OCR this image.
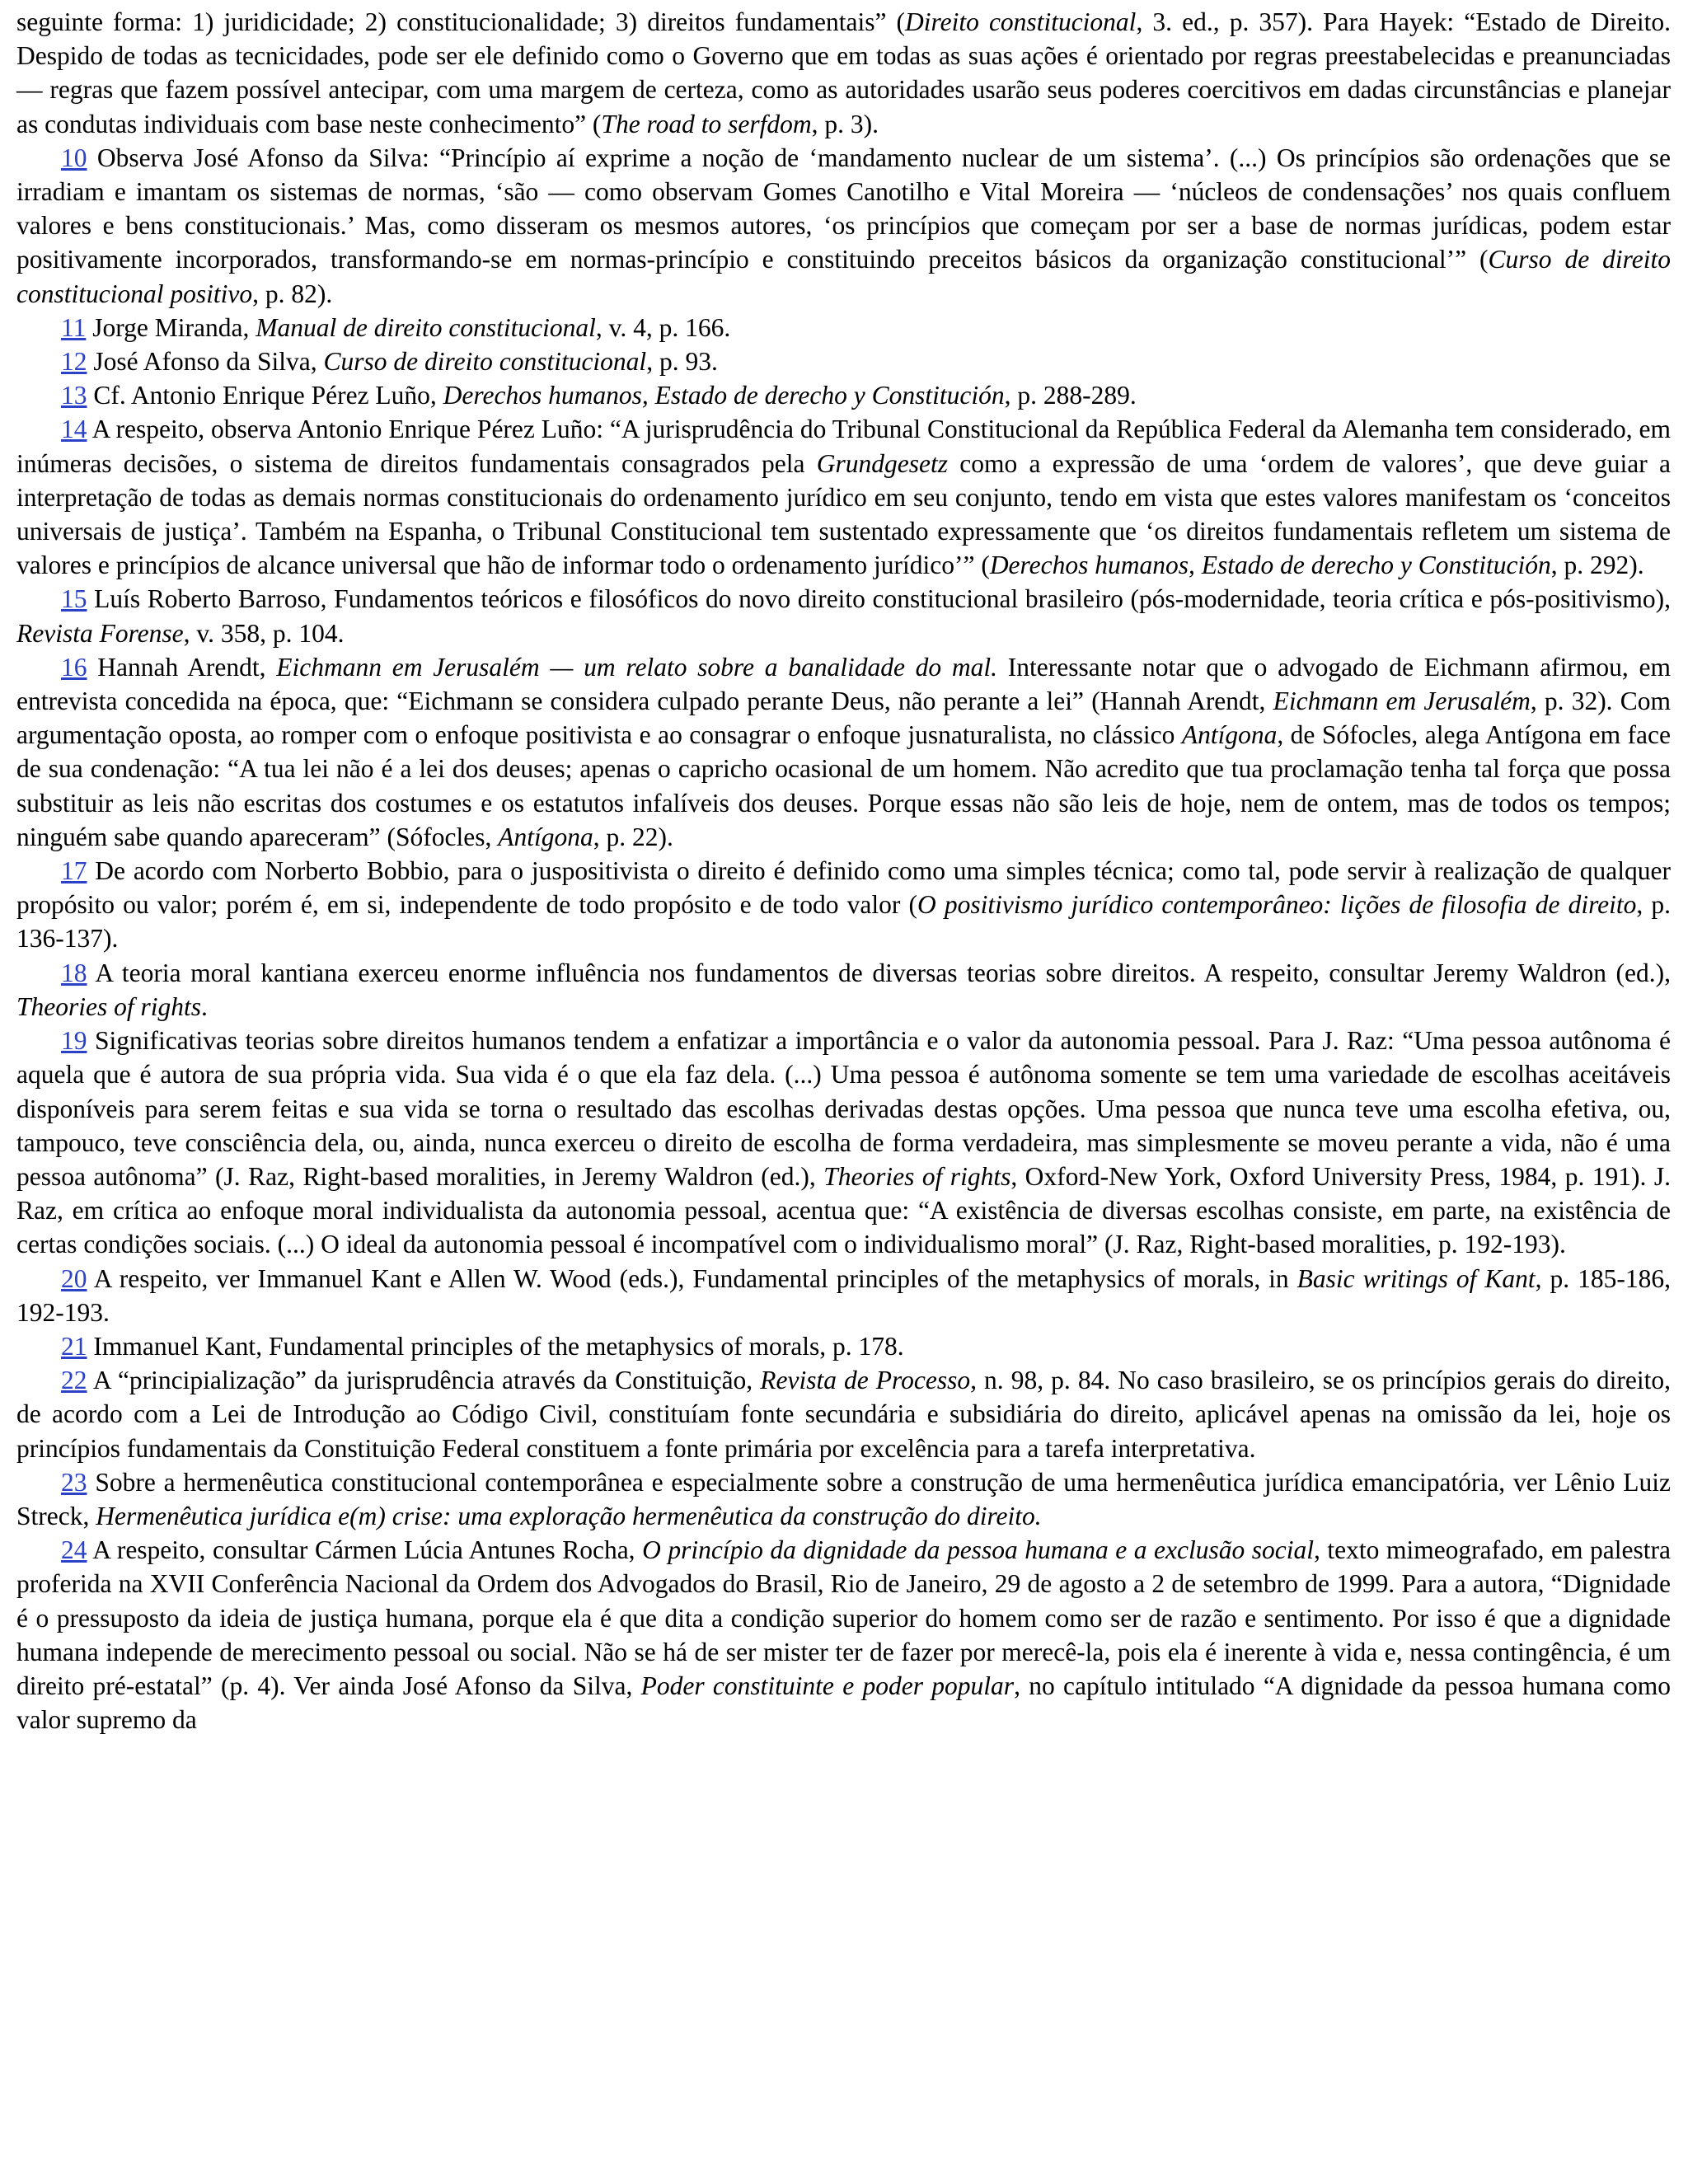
seguinte forma: 1) juridicidade; 2) constitucionalidade; 3) direitos fundamentais” (Direito constitucional, 3. ed., p. 357). Para Hayek: “Estado de Direito. Despido de todas as tecnicidades, pode ser ele definido como o Governo que em todas as suas ações é orientado por regras preestabelecidas e preanunciadas — regras que fazem possível antecipar, com uma margem de certeza, como as autoridades usarão seus poderes coercitivos em dadas circunstâncias e planejar as condutas individuais com base neste conhecimento” (The road to serfdom, p. 3).

10 Observa José Afonso da Silva: “Princípio aí exprime a noção de ‘mandamento nuclear de um sistema’. (...) Os princípios são ordenações que se irradiam e imantam os sistemas de normas, ‘são — como observam Gomes Canotilho e Vital Moreira — ‘núcleos de condensações’ nos quais confluem valores e bens constitucionais.’ Mas, como disseram os mesmos autores, ‘os princípios que começam por ser a base de normas jurídicas, podem estar positivamente incorporados, transformando-se em normas-princípio e constituindo preceitos básicos da organização constitucional’” (Curso de direito constitucional positivo, p. 82).

11 Jorge Miranda, Manual de direito constitucional, v. 4, p. 166.

12 José Afonso da Silva, Curso de direito constitucional, p. 93.

13 Cf. Antonio Enrique Pérez Luño, Derechos humanos, Estado de derecho y Constitución, p. 288-289.

14 A respeito, observa Antonio Enrique Pérez Luño: “A jurisprudência do Tribunal Constitucional da República Federal da Alemanha tem considerado, em inúmeras decisões, o sistema de direitos fundamentais consagrados pela Grundgesetz como a expressão de uma ‘ordem de valores’, que deve guiar a interpretação de todas as demais normas constitucionais do ordenamento jurídico em seu conjunto, tendo em vista que estes valores manifestam os ‘conceitos universais de justiça’. Também na Espanha, o Tribunal Constitucional tem sustentado expressamente que ‘os direitos fundamentais refletem um sistema de valores e princípios de alcance universal que hão de informar todo o ordenamento jurídico’” (Derechos humanos, Estado de derecho y Constitución, p. 292).

15 Luís Roberto Barroso, Fundamentos teóricos e filosóficos do novo direito constitucional brasileiro (pós-modernidade, teoria crítica e pós-positivismo), Revista Forense, v. 358, p. 104.

16 Hannah Arendt, Eichmann em Jerusalém — um relato sobre a banalidade do mal. Interessante notar que o advogado de Eichmann afirmou, em entrevista concedida na época, que: “Eichmann se considera culpado perante Deus, não perante a lei” (Hannah Arendt, Eichmann em Jerusalém, p. 32). Com argumentação oposta, ao romper com o enfoque positivista e ao consagrar o enfoque jusnaturalista, no clássico Antígona, de Sófocles, alega Antígona em face de sua condenação: “A tua lei não é a lei dos deuses; apenas o capricho ocasional de um homem. Não acredito que tua proclamação tenha tal força que possa substituir as leis não escritas dos costumes e os estatutos infalíveis dos deuses. Porque essas não são leis de hoje, nem de ontem, mas de todos os tempos; ninguém sabe quando apareceram” (Sófocles, Antígona, p. 22).

17 De acordo com Norberto Bobbio, para o juspositivista o direito é definido como uma simples técnica; como tal, pode servir à realização de qualquer propósito ou valor; porém é, em si, independente de todo propósito e de todo valor (O positivismo jurídico contemporâneo: lições de filosofia de direito, p. 136-137).

18 A teoria moral kantiana exerceu enorme influência nos fundamentos de diversas teorias sobre direitos. A respeito, consultar Jeremy Waldron (ed.), Theories of rights.

19 Significativas teorias sobre direitos humanos tendem a enfatizar a importância e o valor da autonomia pessoal. Para J. Raz: “Uma pessoa autônoma é aquela que é autora de sua própria vida. Sua vida é o que ela faz dela. (...) Uma pessoa é autônoma somente se tem uma variedade de escolhas aceitáveis disponíveis para serem feitas e sua vida se torna o resultado das escolhas derivadas destas opções. Uma pessoa que nunca teve uma escolha efetiva, ou, tampouco, teve consciência dela, ou, ainda, nunca exerceu o direito de escolha de forma verdadeira, mas simplesmente se moveu perante a vida, não é uma pessoa autônoma” (J. Raz, Right-based moralities, in Jeremy Waldron (ed.), Theories of rights, Oxford-New York, Oxford University Press, 1984, p. 191). J. Raz, em crítica ao enfoque moral individualista da autonomia pessoal, acentua que: “A existência de diversas escolhas consiste, em parte, na existência de certas condições sociais. (...) O ideal da autonomia pessoal é incompatível com o individualismo moral” (J. Raz, Right-based moralities, p. 192-193).

20 A respeito, ver Immanuel Kant e Allen W. Wood (eds.), Fundamental principles of the metaphysics of morals, in Basic writings of Kant, p. 185-186, 192-193.

21 Immanuel Kant, Fundamental principles of the metaphysics of morals, p. 178.

22 A “principialização” da jurisprudência através da Constituição, Revista de Processo, n. 98, p. 84. No caso brasileiro, se os princípios gerais do direito, de acordo com a Lei de Introdução ao Código Civil, constituíam fonte secundária e subsidiária do direito, aplicável apenas na omissão da lei, hoje os princípios fundamentais da Constituição Federal constituem a fonte primária por excelência para a tarefa interpretativa.

23 Sobre a hermenêutica constitucional contemporânea e especialmente sobre a construção de uma hermenêutica jurídica emancipatória, ver Lênio Luiz Streck, Hermenêutica jurídica e(m) crise: uma exploração hermenêutica da construção do direito.

24 A respeito, consultar Cármen Lúcia Antunes Rocha, O princípio da dignidade da pessoa humana e a exclusão social, texto mimeografado, em palestra proferida na XVII Conferência Nacional da Ordem dos Advogados do Brasil, Rio de Janeiro, 29 de agosto a 2 de setembro de 1999. Para a autora, “Dignidade é o pressuposto da ideia de justiça humana, porque ela é que dita a condição superior do homem como ser de razão e sentimento. Por isso é que a dignidade humana independe de merecimento pessoal ou social. Não se há de ser mister ter de fazer por merecê-la, pois ela é inerente à vida e, nessa contingência, é um direito pré-estatal” (p. 4). Ver ainda José Afonso da Silva, Poder constituinte e poder popular, no capítulo intitulado “A dignidade da pessoa humana como valor supremo da
